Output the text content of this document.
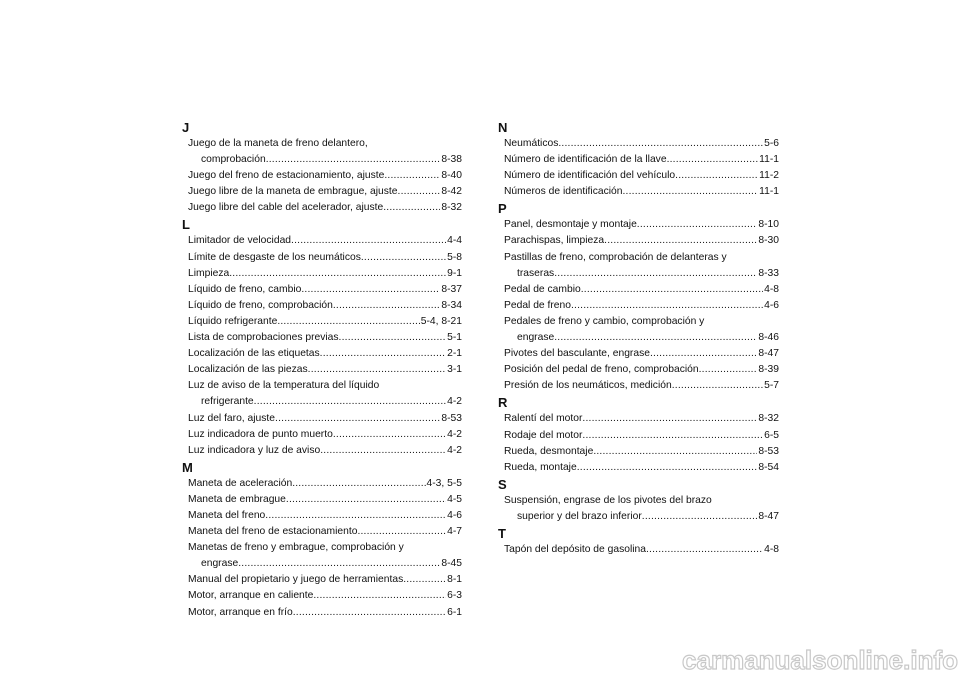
J
Juego de la maneta de freno delantero,
comprobación .....	8-38
Juego del freno de estacionamiento, ajuste .....	8-40
Juego libre de la maneta de embrague, ajuste .....	8-42
Juego libre del cable del acelerador, ajuste .....	8-32
L
Limitador de velocidad .....	4-4
Límite de desgaste de los neumáticos .....	5-8
Limpieza .....	9-1
Líquido de freno, cambio .....	8-37
Líquido de freno, comprobación .....	8-34
Líquido refrigerante .....	5-4, 8-21
Lista de comprobaciones previas .....	5-1
Localización de las etiquetas .....	2-1
Localización de las piezas .....	3-1
Luz de aviso de la temperatura del líquido
refrigerante .....	4-2
Luz del faro, ajuste .....	8-53
Luz indicadora de punto muerto .....	4-2
Luz indicadora y luz de aviso .....	4-2
M
Maneta de aceleración .....	4-3, 5-5
Maneta de embrague .....	4-5
Maneta del freno .....	4-6
Maneta del freno de estacionamiento .....	4-7
Manetas de freno y embrague, comprobación y
engrase .....	8-45
Manual del propietario y juego de herramientas .....	8-1
Motor, arranque en caliente .....	6-3
Motor, arranque en frío .....	6-1
N
Neumáticos .....	5-6
Número de identificación de la llave .....	11-1
Número de identificación del vehículo .....	11-2
Números de identificación .....	11-1
P
Panel, desmontaje y montaje .....	8-10
Parachispas, limpieza .....	8-30
Pastillas de freno, comprobación de delanteras y
traseras .....	8-33
Pedal de cambio .....	4-8
Pedal de freno .....	4-6
Pedales de freno y cambio, comprobación y
engrase .....	8-46
Pivotes del basculante, engrase .....	8-47
Posición del pedal de freno, comprobación .....	8-39
Presión de los neumáticos, medición .....	5-7
R
Ralentí del motor .....	8-32
Rodaje del motor .....	6-5
Rueda, desmontaje .....	8-53
Rueda, montaje .....	8-54
S
Suspensión, engrase de los pivotes del brazo
superior y del brazo inferior .....	8-47
T
Tapón del depósito de gasolina .....	4-8
carmanualsonline.info
